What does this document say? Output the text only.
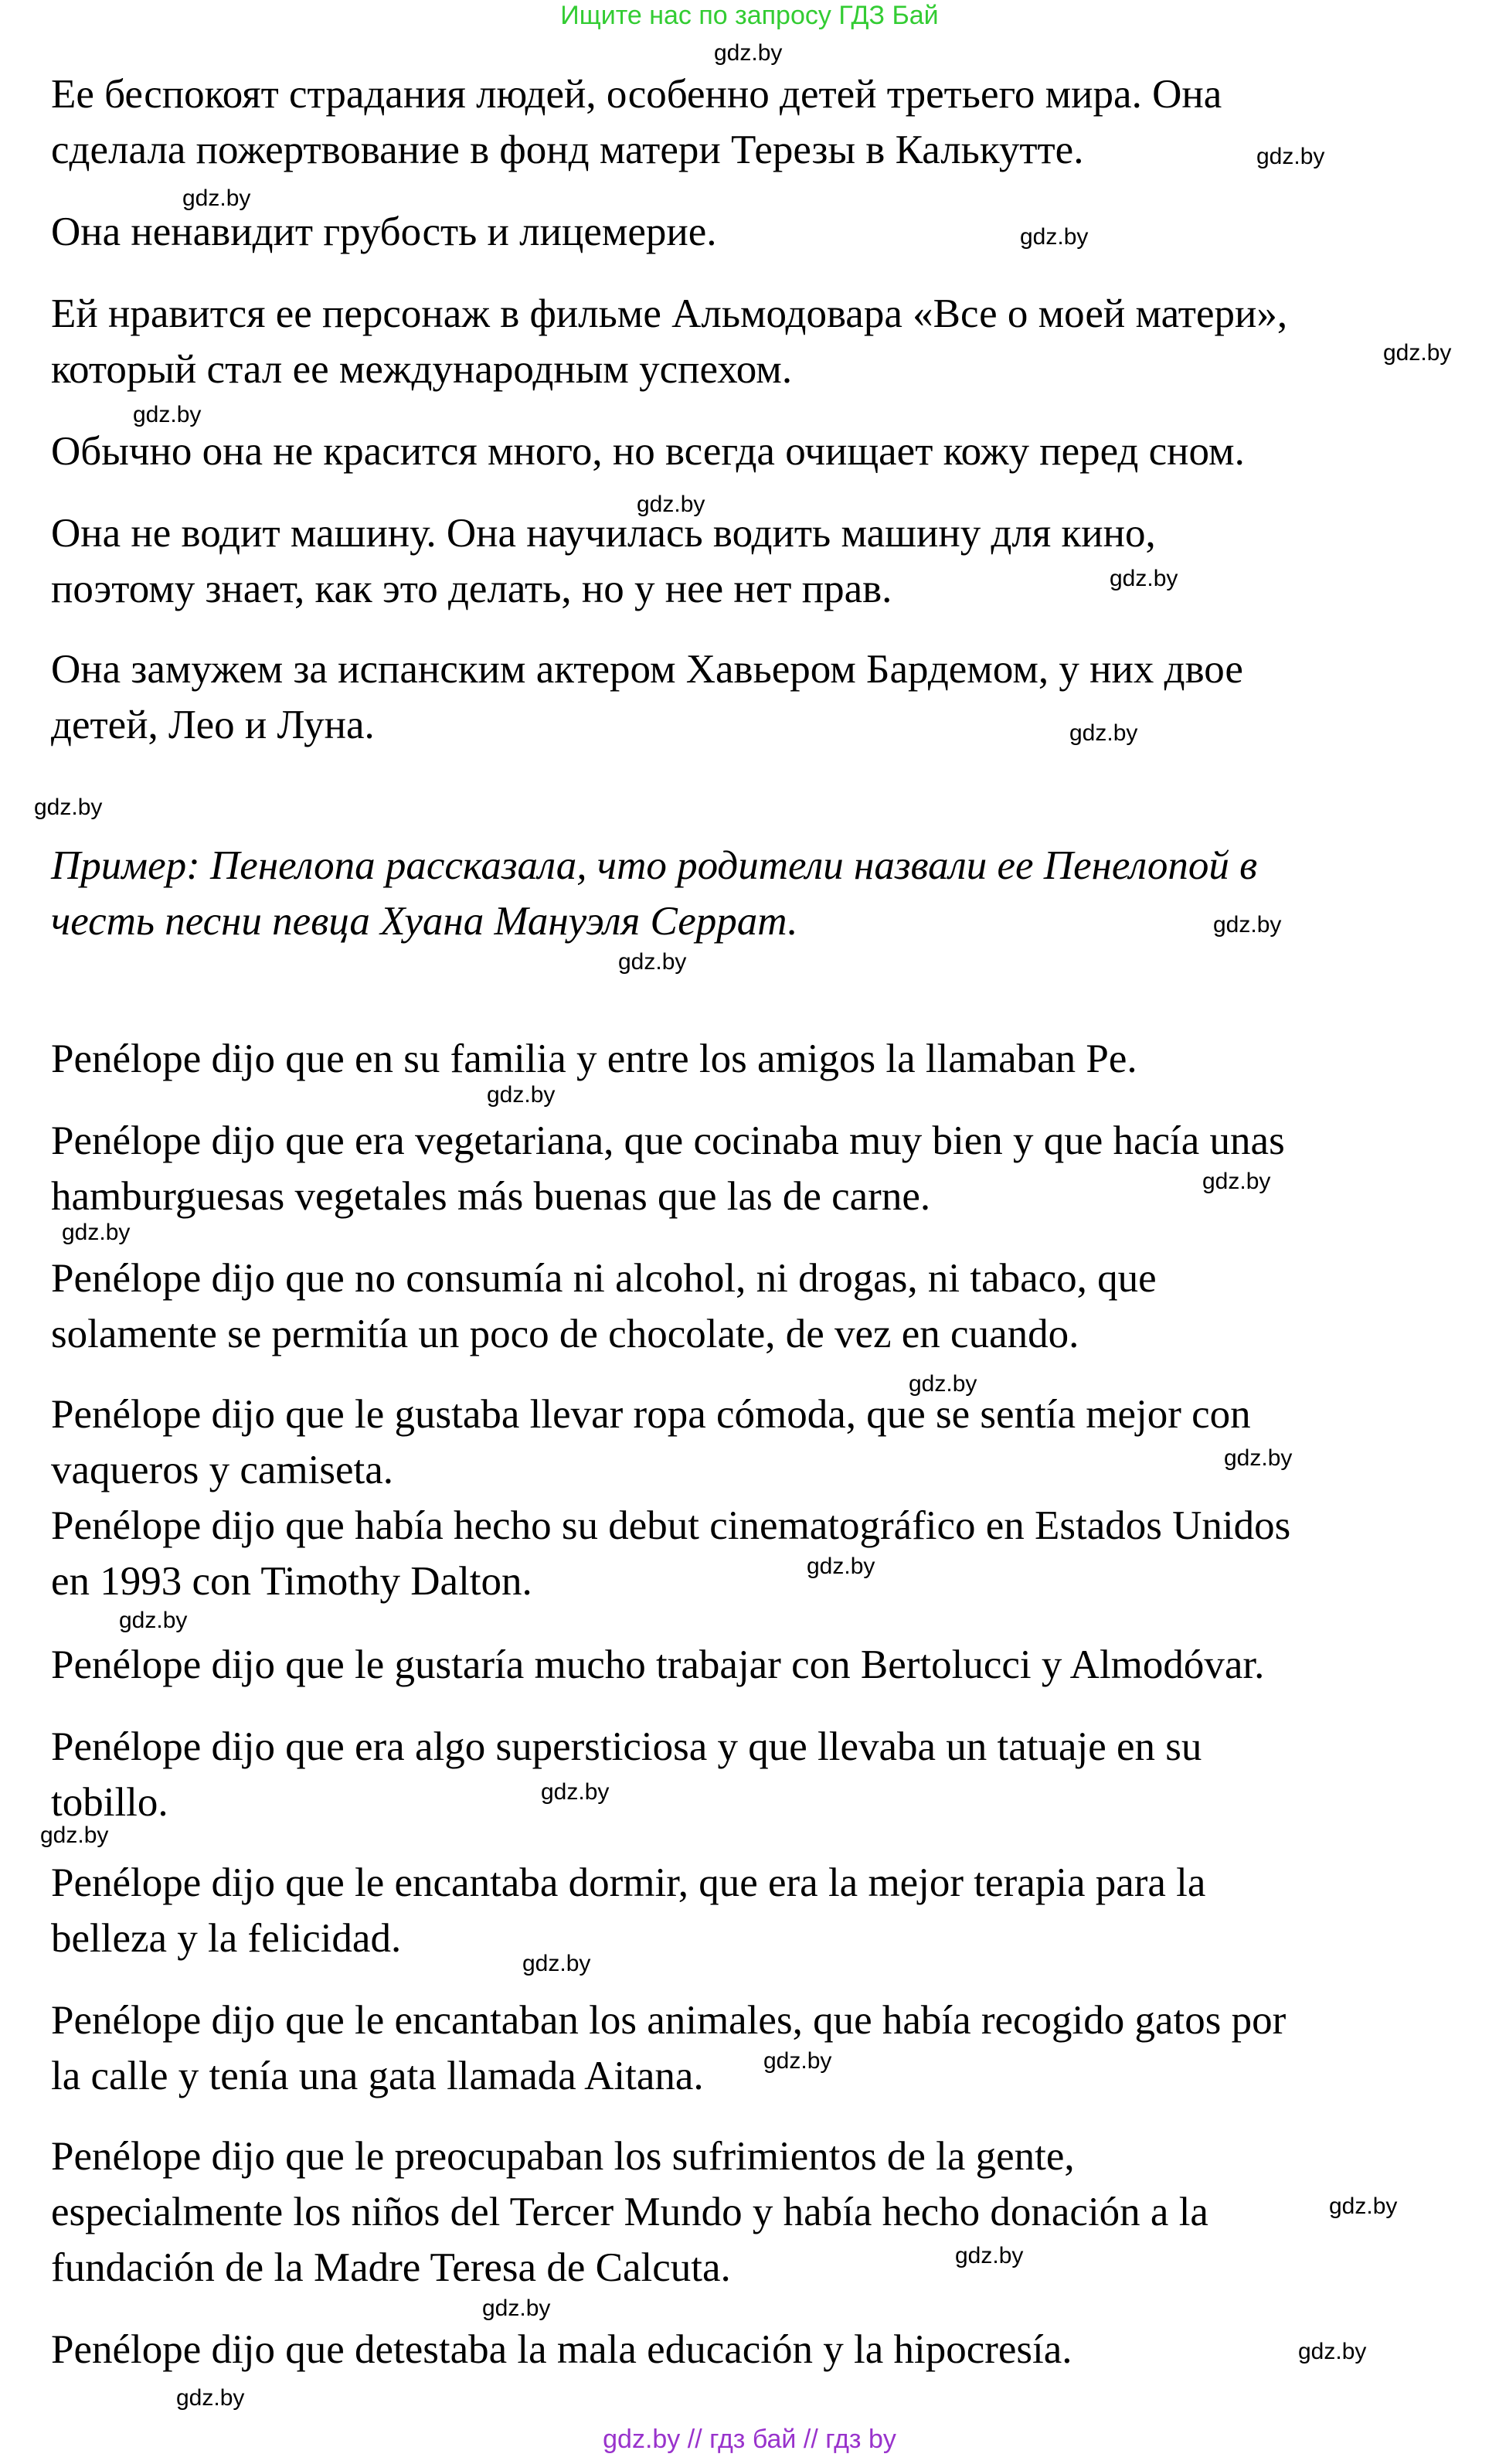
Ищите нас по запросу ГДЗ Бай
Ее беспокоят страдания людей, особенно детей третьего мира. Она
сделала пожертвование в фонд матери Терезы в Калькутте.
Она ненавидит грубость и лицемерие.
Ей нравится ее персонаж в фильме Альмодовара «Все о моей матери»,
который стал ее международным успехом.
Обычно она не красится много, но всегда очищает кожу перед сном.
Она не водит машину. Она научилась водить машину для кино,
поэтому знает, как это делать, но у нее нет прав.
Она замужем за испанским актером Хавьером Бардемом, у них двое
детей, Лео и Луна.
Пример: Пенелопа рассказала, что родители назвали ее Пенелопой в
честь песни певца Хуана Мануэля Серрат.
Penélope dijo que en su familia y entre los amigos la llamaban Pe.
Penélope dijo que era vegetariana, que cocinaba muy bien y que hacía unas
hamburguesas vegetales más buenas que las de carne.
Penélope dijo que no consumía ni alcohol, ni drogas, ni tabaco, que
solamente se permitía un poco de chocolate, de vez en cuando.
Penélope dijo que le gustaba llevar ropa cómoda, que se sentía mejor con
vaqueros y camiseta.
Penélope dijo que había hecho su debut cinematográfico en Estados Unidos
en 1993 con Timothy Dalton.
Penélope dijo que le gustaría mucho trabajar con Bertolucci y Almodóvar.
Penélope dijo que era algo supersticiosa y que llevaba un tatuaje en su
tobillo.
Penélope dijo que le encantaba dormir, que era la mejor terapia para la
belleza y la felicidad.
Penélope dijo que le encantaban los animales, que había recogido gatos por
la calle y tenía una gata llamada Aitana.
Penélope dijo que le preocupaban los sufrimientos de la gente,
especialmente los niños del Tercer Mundo y había hecho donación a la
fundación de la Madre Teresa de Calcuta.
Penélope dijo que detestaba la mala educación y la hipocresía.
gdz.by
gdz.by
gdz.by
gdz.by
gdz.by
gdz.by
gdz.by
gdz.by
gdz.by
gdz.by
gdz.by
gdz.by
gdz.by
gdz.by
gdz.by
gdz.by
gdz.by
gdz.by
gdz.by
gdz.by
gdz.by
gdz.by
gdz.by
gdz.by
gdz.by
gdz.by
gdz.by
gdz.by
gdz.by // гдз бай // гдз by
